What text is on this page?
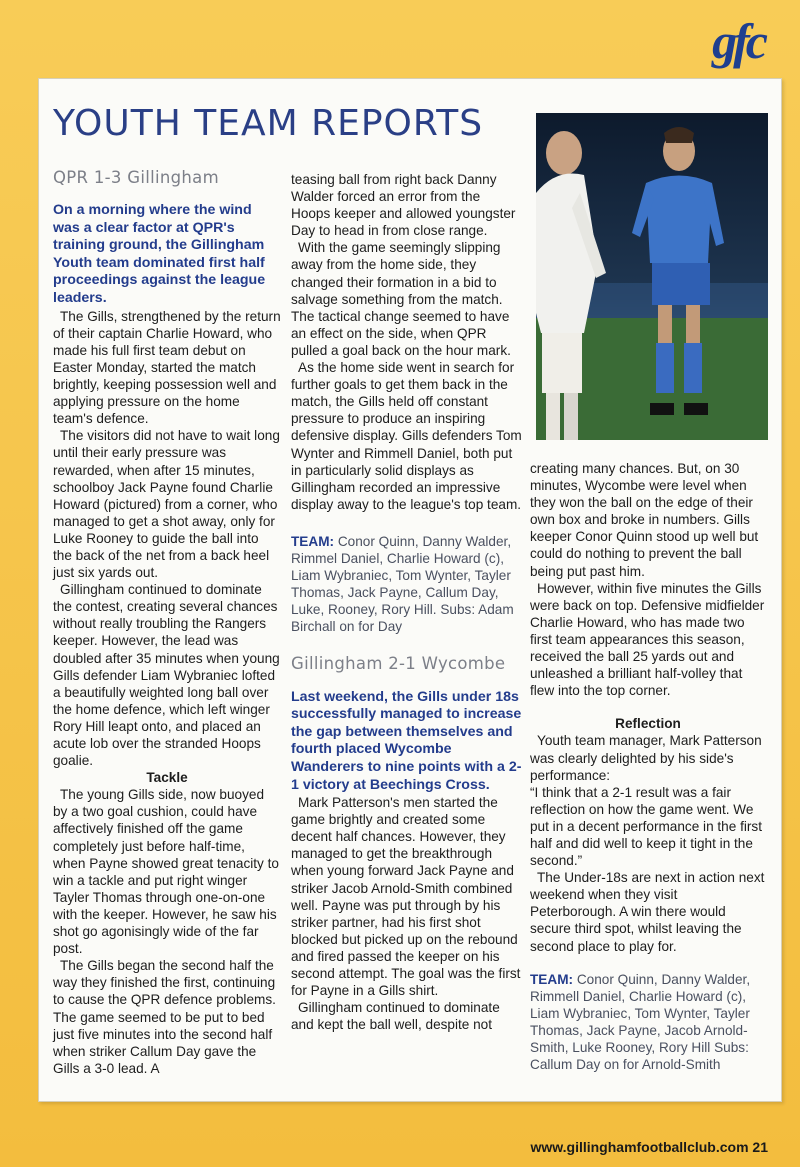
gfc
YOUTH TEAM REPORTS
QPR 1-3 Gillingham

On a morning where the wind was a clear factor at QPR's training ground, the Gillingham Youth team dominated first half proceedings against the league leaders.

The Gills, strengthened by the return of their captain Charlie Howard, who made his full first team debut on Easter Monday, started the match brightly, keeping possession well and applying pressure on the home team's defence.

The visitors did not have to wait long until their early pressure was rewarded, when after 15 minutes, schoolboy Jack Payne found Charlie Howard (pictured) from a corner, who managed to get a shot away, only for Luke Rooney to guide the ball into the back of the net from a back heel just six yards out.

Gillingham continued to dominate the contest, creating several chances without really troubling the Rangers keeper. However, the lead was doubled after 35 minutes when young Gills defender Liam Wybraniec lofted a beautifully weighted long ball over the home defence, which left winger Rory Hill leapt onto, and placed an acute lob over the stranded Hoops goalie.

Tackle

The young Gills side, now buoyed by a two goal cushion, could have affectively finished off the game completely just before half-time, when Payne showed great tenacity to win a tackle and put right winger Tayler Thomas through one-on-one with the keeper. However, he saw his shot go agonisingly wide of the far post.

The Gills began the second half the way they finished the first, continuing to cause the QPR defence problems. The game seemed to be put to bed just five minutes into the second half when striker Callum Day gave the Gills a 3-0 lead. A

teasing ball from right back Danny Walder forced an error from the Hoops keeper and allowed youngster Day to head in from close range.

With the game seemingly slipping away from the home side, they changed their formation in a bid to salvage something from the match. The tactical change seemed to have an effect on the side, when QPR pulled a goal back on the hour mark.

As the home side went in search for further goals to get them back in the match, the Gills held off constant pressure to produce an inspiring defensive display. Gills defenders Tom Wynter and Rimmell Daniel, both put in particularly solid displays as Gillingham recorded an impressive display away to the league's top team.

TEAM: Conor Quinn, Danny Walder, Rimmel Daniel, Charlie Howard (c), Liam Wybraniec, Tom Wynter, Tayler Thomas, Jack Payne, Callum Day, Luke, Rooney, Rory Hill. Subs: Adam Birchall on for Day

Gillingham 2-1 Wycombe

Last weekend, the Gills under 18s successfully managed to increase the gap between themselves and fourth placed Wycombe Wanderers to nine points with a 2-1 victory at Beechings Cross.

Mark Patterson's men started the game brightly and created some decent half chances. However, they managed to get the breakthrough when young forward Jack Payne and striker Jacob Arnold-Smith combined well. Payne was put through by his striker partner, had his first shot blocked but picked up on the rebound and fired passed the keeper on his second attempt. The goal was the first for Payne in a Gills shirt.

Gillingham continued to dominate and kept the ball well, despite not

creating many chances. But, on 30 minutes, Wycombe were level when they won the ball on the edge of their own box and broke in numbers. Gills keeper Conor Quinn stood up well but could do nothing to prevent the ball being put past him.

However, within five minutes the Gills were back on top. Defensive midfielder Charlie Howard, who has made two first team appearances this season, received the ball 25 yards out and unleashed a brilliant half-volley that flew into the top corner.

Reflection

Youth team manager, Mark Patterson was clearly delighted by his side's performance:

“I think that a 2-1 result was a fair reflection on how the game went. We put in a decent performance in the first half and did well to keep it tight in the second.”

The Under-18s are next in action next weekend when they visit Peterborough. A win there would secure third spot, whilst leaving the second place to play for.

TEAM: Conor Quinn, Danny Walder, Rimmell Daniel, Charlie Howard (c), Liam Wybraniec, Tom Wynter, Tayler Thomas, Jack Payne, Jacob Arnold-Smith, Luke Rooney, Rory Hill Subs: Callum Day on for Arnold-Smith

www.gillinghamfootballclub.com 21
